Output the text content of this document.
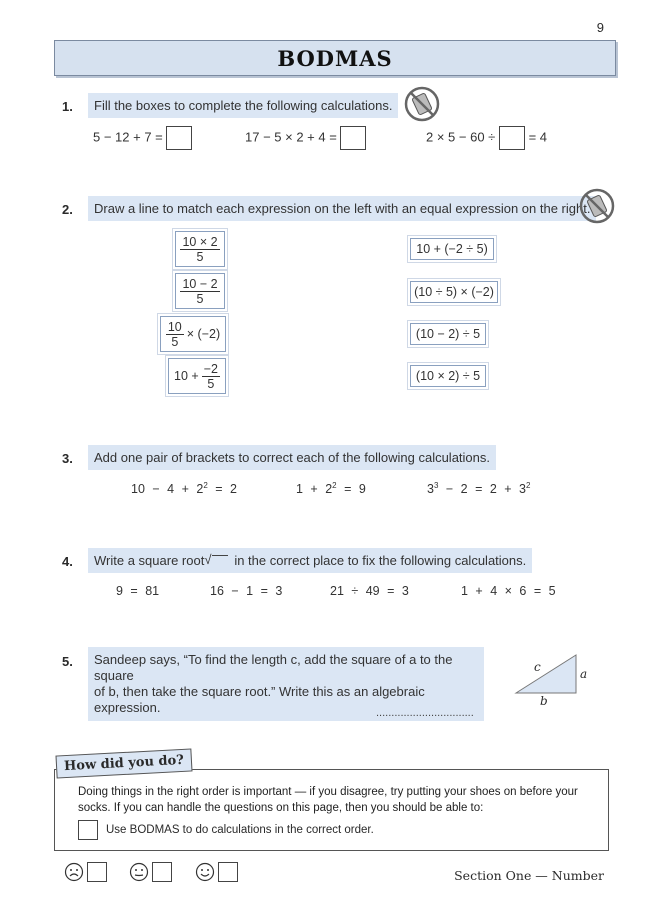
9
BODMAS
1.	Fill the boxes to complete the following calculations.
5 − 12 + 7 =	17 − 5 × 2 + 4 =	2 × 5 − 60 ÷	= 4
2.	Draw a line to match each expression on the left with an equal expression on the right.
$\frac{10 \times 2}{5}$
$\frac{10 - 2}{5}$
$\frac{10}{5} \times (-2)$
$10 + \frac{-2}{5}$
10 + (−2 ÷ 5)
(10 ÷ 5) × (−2)
(10 − 2) ÷ 5
(10 × 2) ÷ 5
3.	Add one pair of brackets to correct each of the following calculations.
$10 - 4 + 2^2 = 2$	$1 + 2^2 = 9$	$3^3 - 2 = 2 + 3^2$
4. Write a square root
√ in the correct place to fix the following calculations.
9 = 81	16 − 1 = 3	21 ÷ 49 = 3	1 + 4 × 6 = 5
5. Sandeep says, “To find the length c, add the square of a to the square
of b, then take the square root.” Write this as an algebraic expression.
c	a
b
................................
How did you do?
Doing things in the right order is important — if you disagree, try putting your shoes on before your socks. If you can handle the questions on this page, then you should be able to:
Use BODMAS to do calculations in the correct order.
Section One — Number
